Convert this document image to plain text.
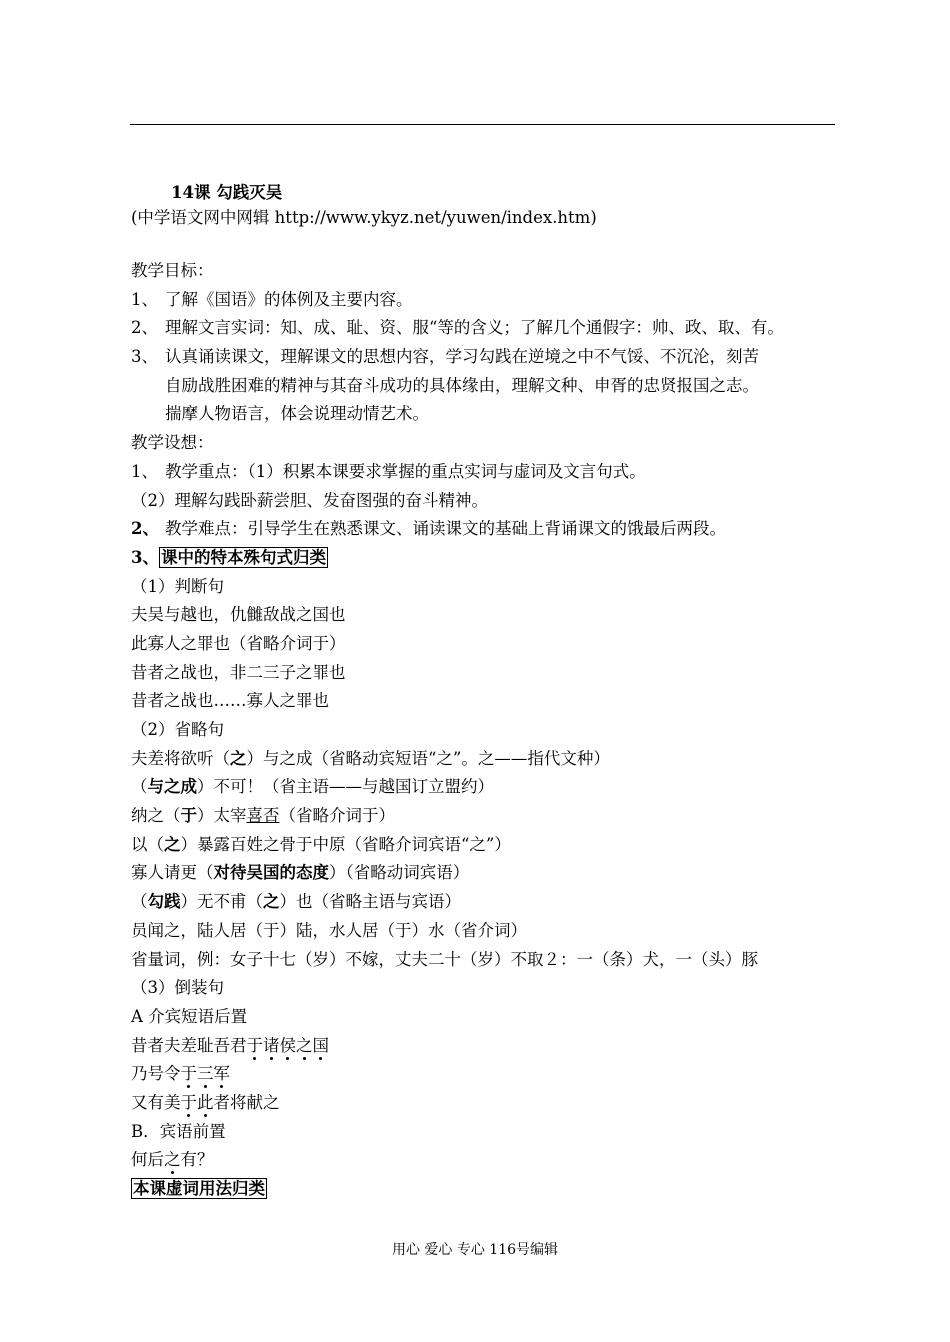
14课 勾践灭吴
(中学语文网中网辑 http://www.ykyz.net/yuwen/index.htm)
教学目标：
1、 了解《国语》的体例及主要内容。
2、 理解文言实词：知、成、耻、资、服“等的含义；了解几个通假字：帅、政、取、有。
3、 认真诵读课文，理解课文的思想内容，学习勾践在逆境之中不气馁、不沉沦，刻苦
自励战胜困难的精神与其奋斗成功的具体缘由，理解文种、申胥的忠贤报国之志。
揣摩人物语言，体会说理动情艺术。
教学设想：
1、 教学重点：（1）积累本课要求掌握的重点实词与虚词及文言句式。
（2）理解勾践卧薪尝胆、发奋图强的奋斗精神。
2、 教学难点：引导学生在熟悉课文、诵读课文的基础上背诵课文的饿最后两段。
3、 课中的特本殊句式归类
（1）判断句
夫吴与越也，仇雠敌战之国也
此寡人之罪也（省略介词于）
昔者之战也，非二三子之罪也
昔者之战也……寡人之罪也
（2）省略句
夫差将欲听（之）与之成（省略动宾短语“之”。之——指代文种）
（与之成）不可！（省主语——与越国订立盟约）
纳之（于）太宰喜否（省略介词于）
以（之）暴露百姓之骨于中原（省略介词宾语“之”）
寡人请更（对待吴国的态度）（省略动词宾语）
（勾践）无不甫（之）也（省略主语与宾语）
员闻之，陆人居（于）陆，水人居（于）水（省介词）
省量词，例：女子十七（岁）不嫁，丈夫二十（岁）不取２：一（条）犬，一（头）豚
（3）倒装句
A 介宾短语后置
昔者夫差耻吾君于诸侯之国
乃号令于三军
又有美于此者将献之
B．宾语前置
何后之有？
本课虚词用法归类
用心 爱心 专心 116号编辑
